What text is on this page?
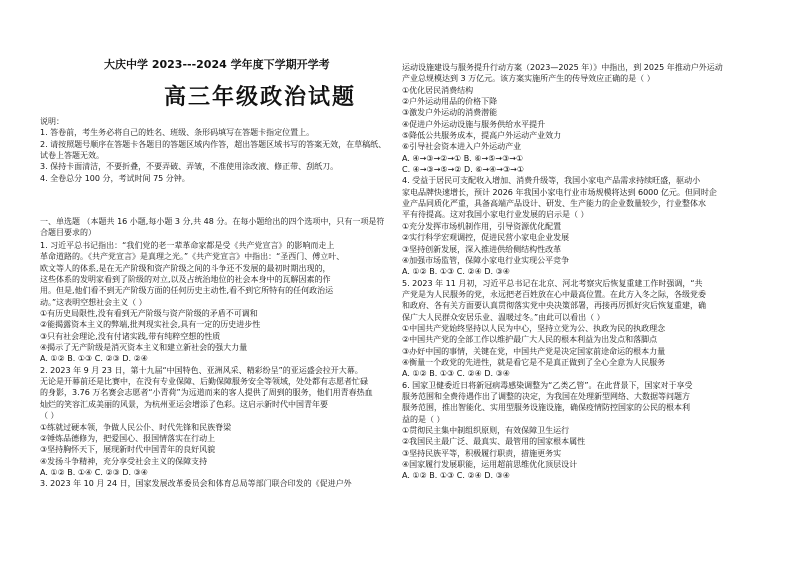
大庆中学 2023---2024 学年度下学期开学考
高三年级政治试题
说明：
1. 答卷前，考生务必将自己的姓名、班级、条形码填写在答题卡指定位置上。
2. 请按照题号顺序在答题卡各题目的答题区域内作答，超出答题区域书写的答案无效，在草稿纸、试卷上答题无效。
3. 保持卡面清洁，不要折叠，不要弄破、弄皱，不准使用涂改液、修正带、刮纸刀。
4. 全卷总分 100 分，考试时间 75 分钟。
一、单选题 （本题共 16 小题,每小题 3 分,共 48 分。在每小题给出的四个选项中，只有一项是符合题目要求的）
1. 习近平总书记指出：“我们党的老一辈革命家都是受《共产党宣言》的影响而走上
革命道路的。《共产党宣言》是真理之光。”《共产党宣言》中指出：“圣西门、傅立叶、
欧文等人的体系,是在无产阶级和资产阶级之间的斗争还不发展的最初时期出现的，
这些体系的发明家看到了阶级的对立,以及占统治地位的社会本身中的瓦解因素的作
用。但是,他们看不到无产阶级方面的任何历史主动性,看不到它所特有的任何政治运
动。”这表明空想社会主义（ ）
①有历史局限性,没有看到无产阶级与资产阶级的矛盾不可调和
②能揭露资本主义的弊端,批判现实社会,具有一定的历史进步性
③只有社会理论,没有付诸实践,带有纯粹空想的性质
④揭示了无产阶级是消灭资本主义和建立新社会的强大力量
A. ①② B. ①③ C. ②③ D. ②④
2. 2023 年 9 月 23 日，第十九届“中国特色、亚洲风采、精彩纷呈”的亚运盛会拉开大幕。
无论是开幕前还是比赛中，在没有专业保障、后勤保障服务安全等领域，处处都有志愿者忙碌
的身影，3.76 万名赛会志愿者“小青荷”为远道而来的客人提供了周到的服务，他们用青春热血
灿烂的笑容汇成美丽的风景，为杭州亚运会增添了色彩。这启示新时代中国青年要
（ ）
①练就过硬本领，争做人民公仆、时代先锋和民族脊梁
②锤炼品德修为，把爱国心、报国情落实在行动上
③坚持胸怀天下，展现新时代中国青年的良好风貌
④发扬斗争精神，充分享受社会主义的保障支持
A. ①② B. ①④ C. ②③ D. ③④
3. 2023 年 10 月 24 日，国家发展改革委员会和体育总局等部门联合印发的《促进户外
运动设施建设与服务提升行动方案（2023—2025 年）》中指出，到 2025 年推动户外运动
产业总规模达到 3 万亿元。该方案实施所产生的传导效应正确的是（ ）
①优化居民消费结构
②户外运动用品的价格下降
③激发户外运动的消费潜能
④促进户外运动设施与服务供给水平提升
⑤降低公共服务成本，提高户外运动产业效力
⑥引导社会资本进入户外运动产业
A. ④→③→②→① B. ⑥→⑤→③→①
C. ④→③→⑤→② D. ⑥→④→③→①
4. 受益于居民可支配收入增加、消费升级等，我国小家电产品需求持续旺盛，驱动小
家电品牌快速增长，预计 2026 年我国小家电行业市场规模将达到 6000 亿元。但同时企
业产品同质化严重，具备高端产品设计、研发、生产能力的企业数量较少，行业整体水
平有待提高。这对我国小家电行业发展的启示是（ ）
①充分发挥市场机制作用，引导资源优化配置
②实行科学宏观调控，促进民营小家电企业发展
③坚持创新发展，深入推进供给侧结构性改革
④加强市场监管，保障小家电行业实现公平竞争
A. ①② B. ①③ C. ②④ D. ③④
5. 2023 年 11 月初，习近平总书记在北京、河北考察灾后恢复重建工作时强调，“共
产党是为人民服务的党，永远把老百姓放在心中最高位置。在此方入冬之际，各级党委
和政府、各有关方面要认真贯彻落实党中央决策部署，再接再厉抓好灾后恢复重建，确
保广大人民群众安居乐业、温暖过冬。”由此可以看出（ ）
①中国共产党始终坚持以人民为中心，坚持立党为公、执政为民的执政理念
②中国共产党的全部工作以维护最广大人民的根本利益为出发点和落脚点
③办好中国的事情，关键在党，中国共产党是决定国家前途命运的根本力量
④衡量一个政党的先进性，就是看它是不是真正做到了全心全意为人民服务
A. ①② B. ①③ C. ②④ D. ③④
6. 国家卫健委近日将新冠病毒感染调整为“乙类乙管”。在此背景下，国家对于享受
服务范围和全费待遇作出了调整的决定，为我国在处理新型网络、大数据等问题方
服务范围，推出智能化、实用型服务设施设施，确保疫情防控国家的公民的根本利
益的是（ ）
①贯彻民主集中制组织原则，有效保障卫生运行
②我国民主最广泛、最真实、最管用的国家根本属性
③坚持民族平等，积极履行职责，措施更务实
④国家履行发展职能，运用超前思维优化顶层设计
A. ①② B. ①③ C. ②④ D. ③④
